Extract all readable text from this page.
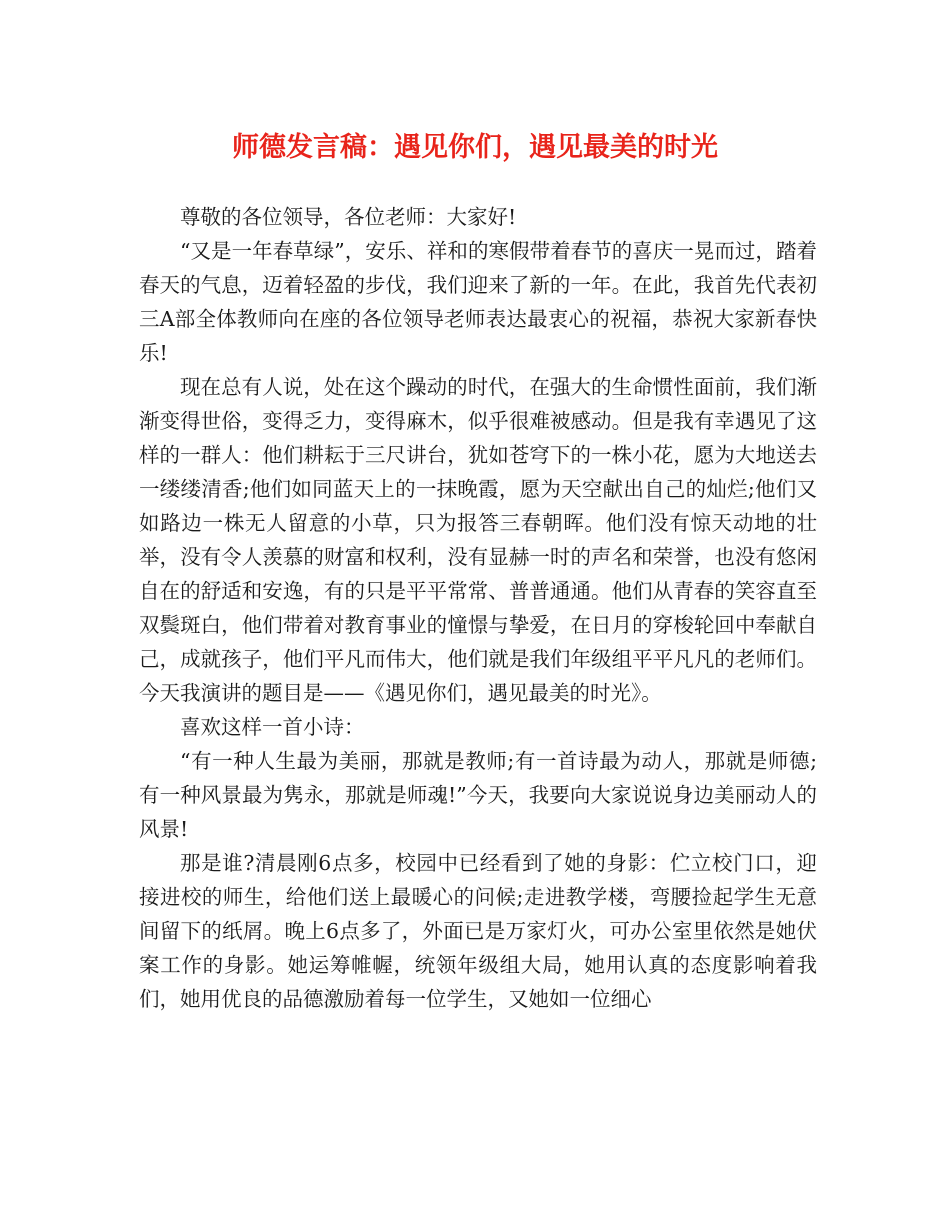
师德发言稿：遇见你们，遇见最美的时光

尊敬的各位领导，各位老师：大家好!

“又是一年春草绿”，安乐、祥和的寒假带着春节的喜庆一晃而过，踏着春天的气息，迈着轻盈的步伐，我们迎来了新的一年。在此，我首先代表初三A部全体教师向在座的各位领导老师表达最衷心的祝福，恭祝大家新春快乐!

现在总有人说，处在这个躁动的时代，在强大的生命惯性面前，我们渐渐变得世俗，变得乏力，变得麻木，似乎很难被感动。但是我有幸遇见了这样的一群人：他们耕耘于三尺讲台，犹如苍穹下的一株小花，愿为大地送去一缕缕清香;他们如同蓝天上的一抹晚霞，愿为天空献出自己的灿烂;他们又如路边一株无人留意的小草，只为报答三春朝晖。他们没有惊天动地的壮举，没有令人羡慕的财富和权利，没有显赫一时的声名和荣誉，也没有悠闲自在的舒适和安逸，有的只是平平常常、普普通通。他们从青春的笑容直至双鬓斑白，他们带着对教育事业的憧憬与挚爱，在日月的穿梭轮回中奉献自己，成就孩子，他们平凡而伟大，他们就是我们年级组平平凡凡的老师们。今天我演讲的题目是——《遇见你们，遇见最美的时光》。

喜欢这样一首小诗：

“有一种人生最为美丽，那就是教师;有一首诗最为动人，那就是师德;有一种风景最为隽永，那就是师魂!”今天，我要向大家说说身边美丽动人的风景!

那是谁?清晨刚6点多，校园中已经看到了她的身影：伫立校门口，迎接进校的师生，给他们送上最暖心的问候;走进教学楼，弯腰捡起学生无意间留下的纸屑。晚上6点多了，外面已是万家灯火，可办公室里依然是她伏案工作的身影。她运筹帷幄，统领年级组大局，她用认真的态度影响着我们，她用优良的品德激励着每一位学生，又她如一位细心
